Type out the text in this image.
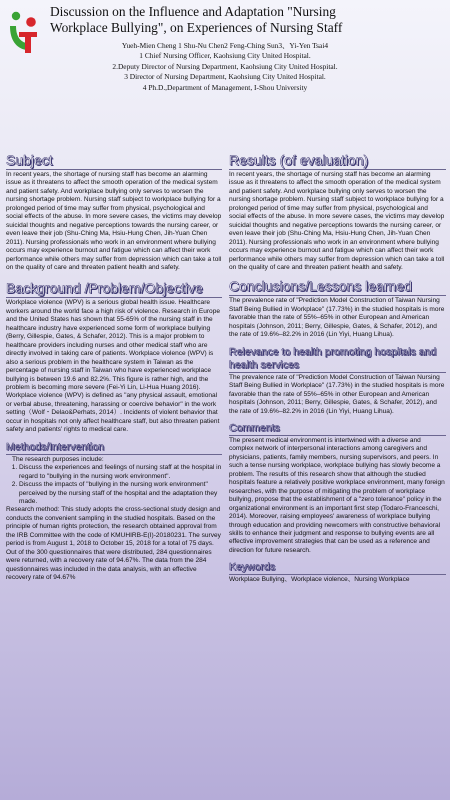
Discussion on the Influence and Adaptation "Nursing
Workplace Bullying", on Experiences of Nursing Staff
Yueh-Mien Cheng 1 Shu-Nu Chen2 Feng-Ching Sun3、Yi-Yen Tsai4
1 Chief Nursing Officer, Kaohsiung City United Hospital.
2.Deputy Director of Nursing Department, Kaohsiung City United Hospital.
3 Director of Nursing Department, Kaohsiung City United Hospital.
4 Ph.D.,Department of Management, I-Shou University
Subject

In recent years, the shortage of nursing staff has become an alarming issue as it threatens to affect the smooth operation of the medical system and patient safety. And workplace bullying only serves to worsen the nursing shortage problem. Nursing staff subject to workplace bullying for a prolonged period of time may suffer from physical, psychological and social effects of the abuse. In more severe cases, the victims may develop suicidal thoughts and negative perceptions towards the nursing career, or even leave their job (Shu-Ching Ma, Hsiu-Hung Chen, Jih-Yuan Chen 2011). Nursing professionals who work in an environment where bullying occurs may experience burnout and fatigue which can affect their work performance while others may suffer from depression which can take a toll on the quality of care and threaten patient health and safety.

Background /Problem/Objective

Workplace violence (WPV) is a serious global health issue. Healthcare workers around the world face a high risk of violence. Research in Europe and the United States has shown that 55-65% of the nursing staff in the healthcare industry have experienced some form of workplace bullying (Berry, Gillespie, Gates, & Schafer, 2012). This is a major problem to healthcare providers including nurses and other medical staff who are directly involved in taking care of patients. Workplace violence (WPV) is also a serious problem in the healthcare system in Taiwan as the percentage of nursing staff in Taiwan who have experienced workplace bullying is between 19.6 and 82.2%. This figure is rather high, and the problem is becoming more severe (Fei-Yi Lin, Li-Hua Huang 2016). Workplace violence (WPV) is defined as "any physical assault, emotional or verbal abuse, threatening, harassing or coercive behavior" in the work setting（Wolf・Delao&Perhats, 2014）. Incidents of violent behavior that occur in hospitals not only affect healthcare staff, but also threaten patient safety and patients' rights to medical care.

Methods/Intervention

The research purposes include:

1. Discuss the experiences and feelings of nursing staff at the hospital in regard to "bullying in the nursing work environment".
2. Discuss the impacts of "bullying in the nursing work environment" perceived by the nursing staff of the hospital and the adaptation they made.

Research method: This study adopts the cross-sectional study design and conducts the convenient sampling in the studied hospitals. Based on the principle of human rights protection, the research obtained approval from the IRB Committee with the code of KMUHIRB-E(I)-20180231. The survey period is from August 1, 2018 to October 15, 2018 for a total of 75 days. Out of the 300 questionnaires that were distributed, 284 questionnaires were returned, with a recovery rate of 94.67%. The data from the 284 questionnaires was included in the data analysis, with an effective recovery rate of 94.67%

Results (of evaluation)

In recent years, the shortage of nursing staff has become an alarming issue as it threatens to affect the smooth operation of the medical system and patient safety. And workplace bullying only serves to worsen the nursing shortage problem. Nursing staff subject to workplace bullying for a prolonged period of time may suffer from physical, psychological and social effects of the abuse. In more severe cases, the victims may develop suicidal thoughts and negative perceptions towards the nursing career, or even leave their job (Shu-Ching Ma, Hsiu-Hung Chen, Jih-Yuan Chen 2011). Nursing professionals who work in an environment where bullying occurs may experience burnout and fatigue which can affect their work performance while others may suffer from depression which can take a toll on the quality of care and threaten patient health and safety.

Conclusions/Lessons learned

The prevalence rate of "Prediction Model Construction of Taiwan Nursing Staff Being Bullied in Workplace" (17.73%) in the studied hospitals is more favorable than the rate of 55%–65% in other European and American hospitals (Johnson, 2011; Berry, Gillespie, Gates, & Schafer, 2012), and the rate of 19.6%–82.2% in 2016 (Lin Yiyi, Huang Lihua).

Relevance to health promoting hospitals and health services

The prevalence rate of "Prediction Model Construction of Taiwan Nursing Staff Being Bullied in Workplace" (17.73%) in the studied hospitals is more favorable than the rate of 55%–65% in other European and American hospitals (Johnson, 2011; Berry, Gillespie, Gates, & Schafer, 2012), and the rate of 19.6%–82.2% in 2016 (Lin Yiyi, Huang Lihua).

Comments

The present medical environment is intertwined with a diverse and complex network of interpersonal interactions among caregivers and physicians, patients, family members, nursing supervisors, and peers. In such a tense nursing workplace, workplace bullying has slowly become a problem. The results of this research show that although the studied hospitals feature a relatively positive workplace environment, many foreign researches, with the purpose of mitigating the problem of workplace bullying, propose that the establishment of a "zero tolerance" policy in the organizational environment is an important first step (Todaro-Franceschi, 2014). Moreover, raising employees' awareness of workplace bullying through education and providing newcomers with constructive behavioral skills to enhance their judgment and response to bullying events are all effective improvement strategies that can be used as a reference and direction for future research.

Keywords

Workplace Bullying、Workplace violence、Nursing Workplace
